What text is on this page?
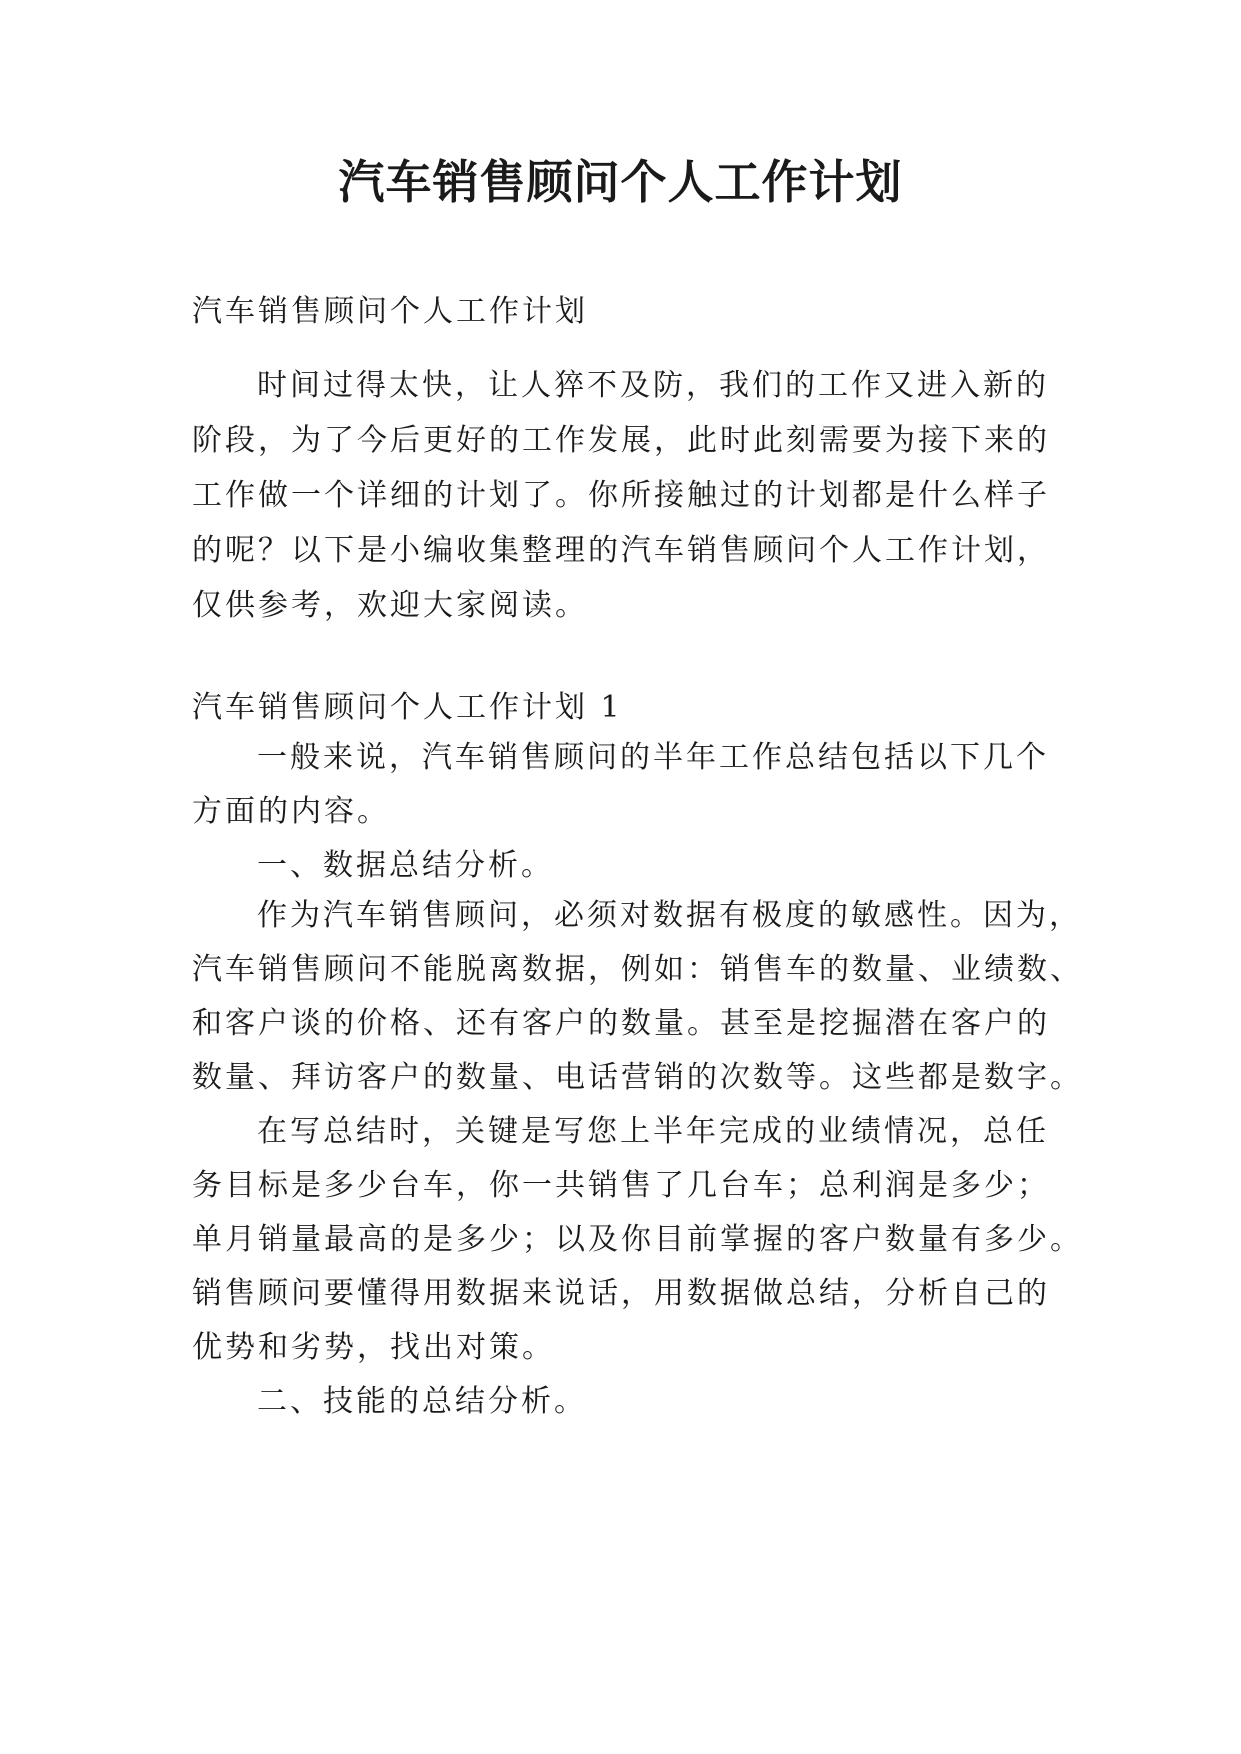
汽车销售顾问个人工作计划

汽车销售顾问个人工作计划

时间过得太快，让人猝不及防，我们的工作又进入新的

阶段，为了今后更好的工作发展，此时此刻需要为接下来的

工作做一个详细的计划了。你所接触过的计划都是什么样子

的呢？以下是小编收集整理的汽车销售顾问个人工作计划，

仅供参考，欢迎大家阅读。

汽车销售顾问个人工作计划 1

一般来说，汽车销售顾问的半年工作总结包括以下几个

方面的内容。

一、数据总结分析。

作为汽车销售顾问，必须对数据有极度的敏感性。因为，

汽车销售顾问不能脱离数据，例如：销售车的数量、业绩数、

和客户谈的价格、还有客户的数量。甚至是挖掘潜在客户的

数量、拜访客户的数量、电话营销的次数等。这些都是数字。

在写总结时，关键是写您上半年完成的业绩情况，总任

务目标是多少台车，你一共销售了几台车；总利润是多少；

单月销量最高的是多少；以及你目前掌握的客户数量有多少。

销售顾问要懂得用数据来说话，用数据做总结，分析自己的

优势和劣势，找出对策。

二、技能的总结分析。
